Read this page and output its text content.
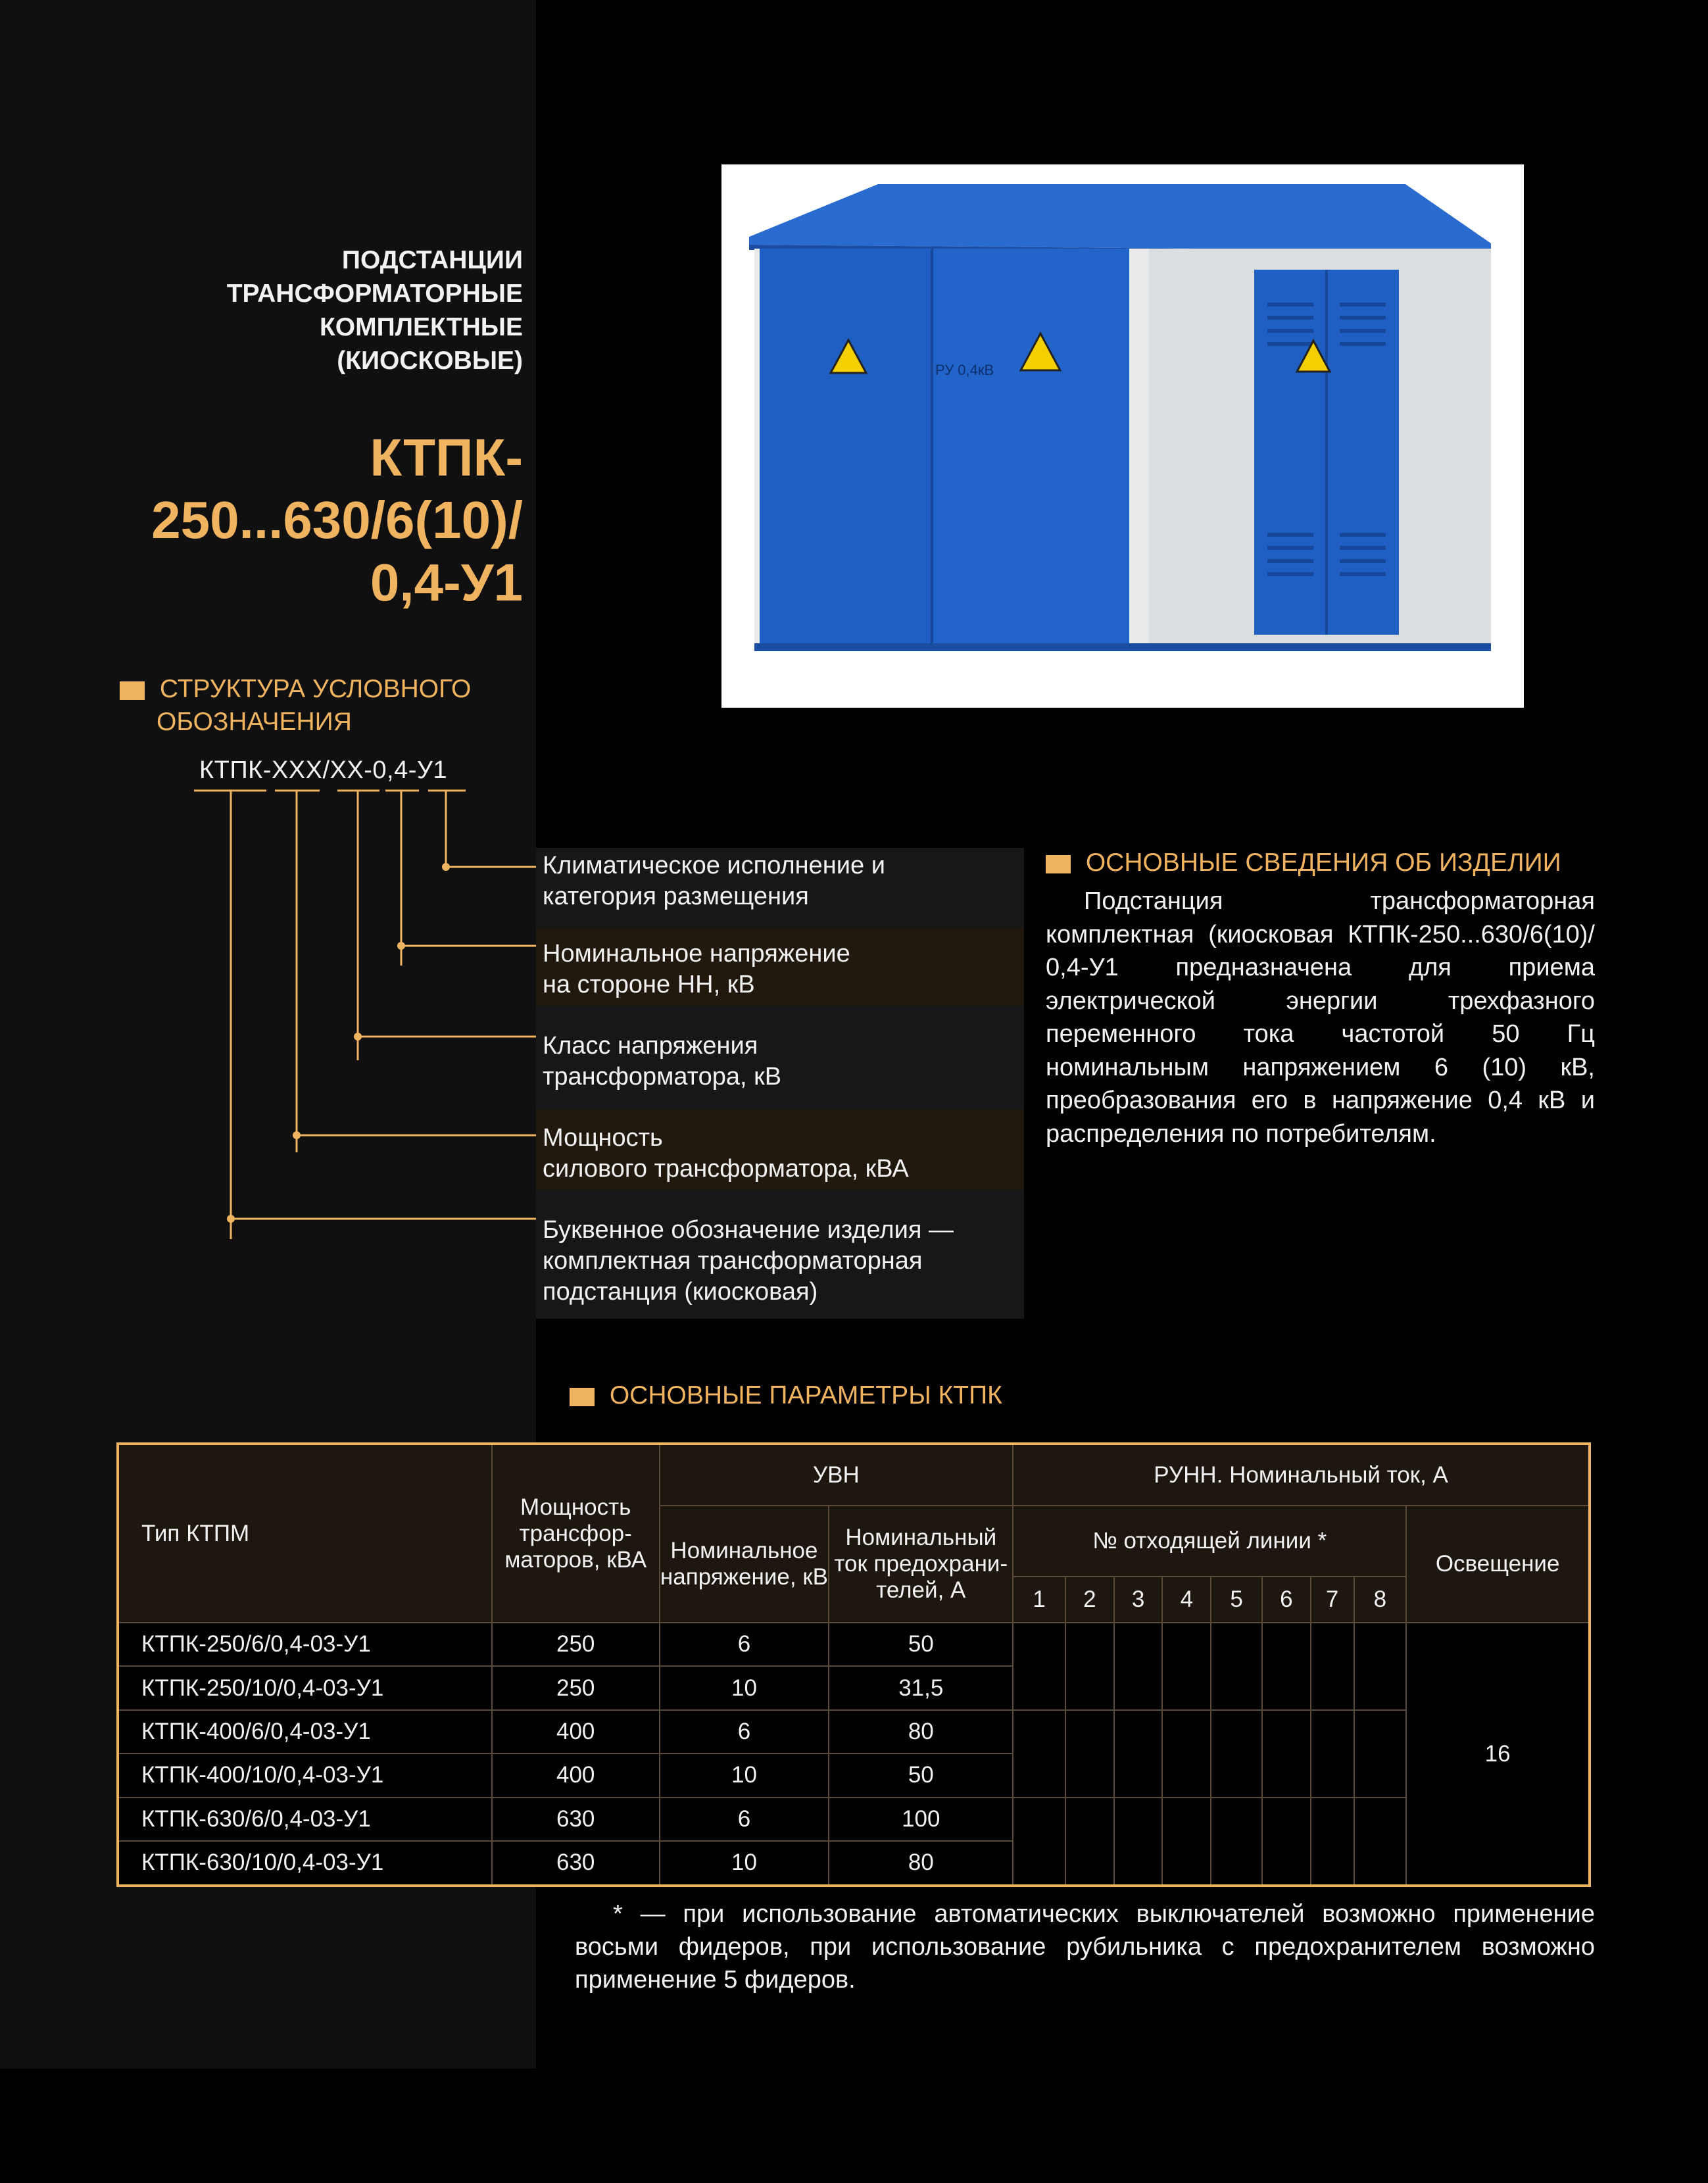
ПОДСТАНЦИИ
ТРАНСФОРМАТОРНЫЕ
КОМПЛЕКТНЫЕ
(КИОСКОВЫЕ)
КТПК-
250...630/6(10)/
0,4-У1
РУ 0,4кВ
СТРУКТУРА УСЛОВНОГО
ОБОЗНАЧЕНИЯ
КТПК-ХХХ/ХХ-0,4-У1
Климатическое исполнение и
категория размещения
Номинальное напряжение
на стороне НН, кВ
Класс напряжения
трансформатора, кВ
Мощность
силового трансформатора, кВА
Буквенное обозначение изделия —
комплектная трансформаторная
подстанция (киосковая)
ОСНОВНЫЕ СВЕДЕНИЯ ОБ ИЗДЕЛИИ
Подстанция трансформаторная комплектная (киосковая КТПК-250...630/6(10)/ 0,4-У1 предназначена для приема электрической энергии трехфазного переменного тока частотой 50 Гц номинальным напряжением 6 (10) кВ, преобразования его в напряжение 0,4 кВ и распределения по потребителям.
ОСНОВНЫЕ ПАРАМЕТРЫ КТПК
Тип КТПМ	Мощность трансфор-маторов, кВА	УВН		РУНН. Номинальный ток, А								
		Номинальное напряжение, кВ	Номинальный ток предохрани-телей, А	№ отходящей линии *								Освещение
				1	2	3	4	5	6	7	8	
КТПК-250/6/0,4-03-У1	250	6	50									16
КТПК-250/10/0,4-03-У1	250	10	31,5									
КТПК-400/6/0,4-03-У1	400	6	80									
КТПК-400/10/0,4-03-У1	400	10	50									
КТПК-630/6/0,4-03-У1	630	6	100									
КТПК-630/10/0,4-03-У1	630	10	80									
* — при использование автоматических выключателей возможно применение восьми фидеров, при использование рубильника с предохранителем возможно применение 5 фидеров.
